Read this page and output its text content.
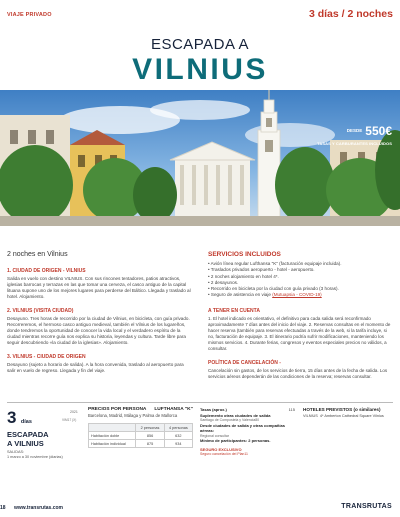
VIAJE PRIVADO	3 días / 2 noches
ESCAPADA A
VILNIUS
DESDE 550€
TASAS Y CARBURANTES INCLUIDOS
2 noches en Vilnius
1. CIUDAD DE ORIGEN - VILNIUS
Salida en vuelo con destino VILNIUS. Con sus rincones tentadores, patios atractivos, iglesias barrocas y terrazas en las que tomar una cerveza, el casco antiguo de la capital lituana supone uno de los mejores lugares para perderse del Báltico. Llegada y traslado al hotel. Alojamiento.
2. VILNIUS (VISITA CIUDAD)
Desayuno. Tres horas de recorrido por la ciudad de Vilnius, en bicicleta, con guía privado. Recorreremos, el hermoso casco antiguo medieval, también el Vilnius de los lugareños, donde tendremos la oportunidad de conocer la vida local y el verdadero espíritu de la ciudad mientras recorre guía nos explica su historia, leyendas y cultura. Tarde libre para seguir descubriendo «la ciudad de la iglesias». Alojamiento.
3. VILNIUS - CIUDAD DE ORIGEN
Desayuno (sujeto a horario de salida). A la hora convenida, traslado al aeropuerto para salir en vuelo de regreso. Llegada y fin del viaje.
SERVICIOS INCLUIDOS
• Avión línea regular Lufthansa "K" (facturación equipaje incluida).
• Traslados privados aeropuerto - hotel - aeropuerto.
• 2 noches alojamiento en hotel 4*.
• 2 desayunos.
• Recorrido en bicicleta por la ciudad con guía privado (3 horas).
• Seguro de asistencia en viaje (Mutuapsia - COVID-19)
A TENER EN CUENTA
1. El hotel indicado es orientativo, el definitivo para cada salida será reconfirmado aproximadamente 7 días antes del inicio del viaje. 2. Reservas consultas en el momento de hacer reserva (también para reservas efectuadas a través de la web, si la tarifa incluye, si no, facturación de equipaje. 3. El itinerario podría sufrir modificaciones, manteniendo los mismos servicios. 4. Durante ferias, congresos y eventos especiales precios no válidos, a consultar.
POLÍTICA DE CANCELACIÓN -
Cancelación sin gastos, de los servicios de tierra, 15 días antes de la fecha de salida. Los servicios aéreos dependerán de las condiciones de la reserva; reservas consultar.
2021
VIM17 (X)
3 días
ESCAPADA
A VILNIUS
SALIDAS:
1 marzo a 30 noviembre (diarias)
PRECIOS POR PERSONA LUFTHANSA "K"
Barcelona, Madrid, Málaga y Palma de Mallorca
	2 personas	4 personas
Habitación doble	856	632
Habitación individual	875	934
Tasas (aprox.)	115
Suplemento otras ciudades de salida
Santiago de Compostela y Valencia80
Desde ciudades de salida y otras compañías aéreas:
Regional consultar
Mínimo de participantes: 2 personas.
SEGURO EXCLUSIVO
Seguro cancelación del Plan11
HOTELES PREVISTOS (o similares)
VILNIUS 4* Amberton Cathedral Square Vilnius
18 www.transrutas.com	TRANSRUTAS
